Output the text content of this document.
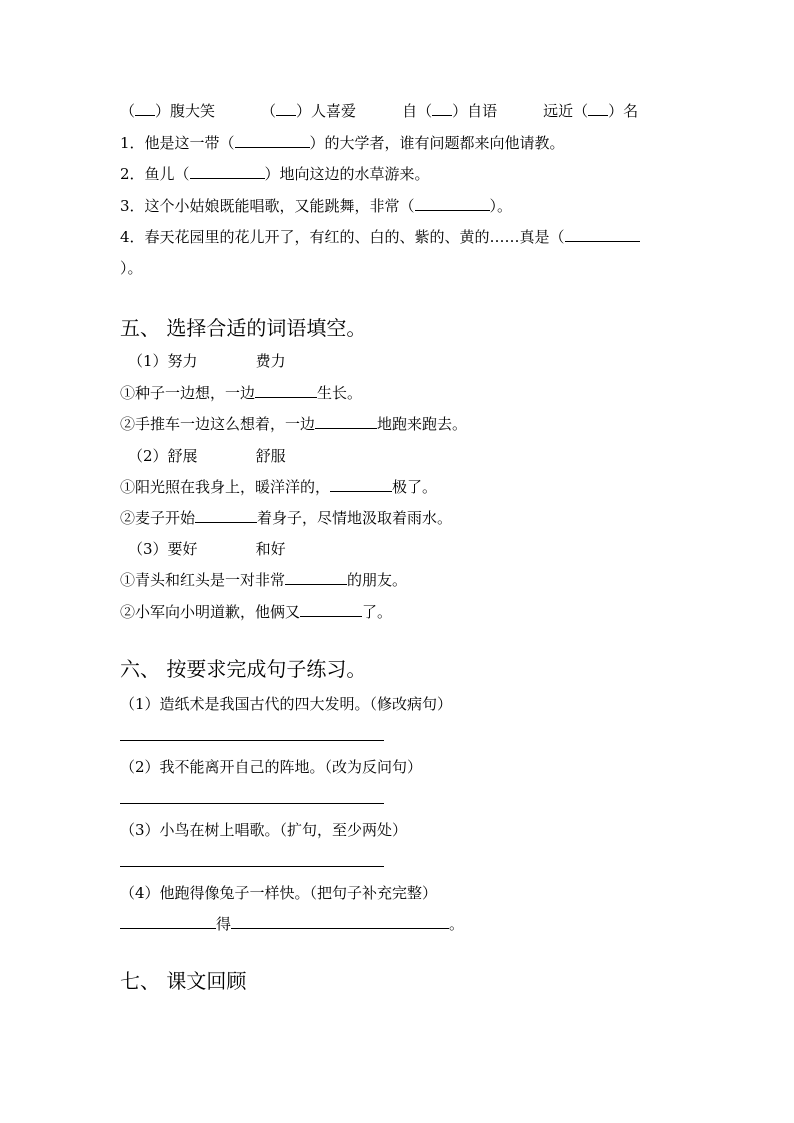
（ ）腹大笑	（ ）人喜爱	自（ ）自语	远近（ ）名
1．他是这一带（	）的大学者，谁有问题都来向他请教。
2．鱼儿（	）地向这边的水草游来。
3．这个小姑娘既能唱歌，又能跳舞，非常（	）。
4．春天花园里的花儿开了，有红的、白的、紫的、黄的……真是（
）。
五、 选择合适的词语填空。
（1）努力	费力
①种子一边想，一边	生长。
②手推车一边这么想着，一边	地跑来跑去。
（2）舒展	舒服
①阳光照在我身上，暖洋洋的，	极了。
②麦子开始	着身子，尽情地汲取着雨水。
（3）要好	和好
①青头和红头是一对非常	的朋友。
②小军向小明道歉，他俩又	了。
六、 按要求完成句子练习。
（1）造纸术是我国古代的四大发明。（修改病句）
（2）我不能离开自己的阵地。（改为反问句）
（3）小鸟在树上唱歌。（扩句，至少两处）
（4）他跑得像兔子一样快。（把句子补充完整）
得	。
七、 课文回顾
